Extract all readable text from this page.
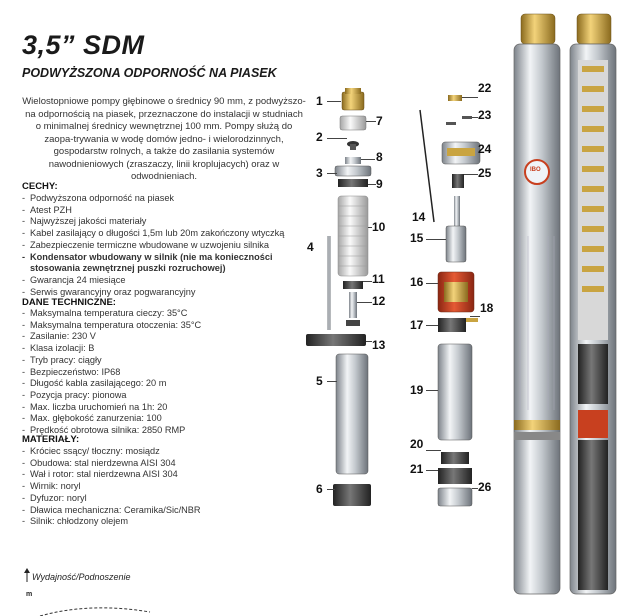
3,5” SDM
PODWYŻSZONA ODPORNOŚĆ NA PIASEK
Wielostopniowe pompy głębinowe o średnicy 90 mm, z podwyższo-na odpornością na piasek, przeznaczone do instalacji w studniach o minimalnej średnicy wewnętrznej 100 mm. Pompy służą do zaopa-trywania w wodę domów jedno- i wielorodzinnych, gospodarstw rolnych, a także do zasilania systemów nawodnieniowych (zraszaczy, linii kroplujacych) oraz w odwodnieniach.
CECHY:
- Podwyższona odporność na piasek
- Atest PZH
- Najwyższej jakości materiały
- Kabel zasilający o długości 1,5m lub 20m zakończony wtyczką
- Zabezpieczenie termiczne wbudowane w uzwojeniu silnika
- Kondensator wbudowany w silnik (nie ma konieczności stosowania zewnętrznej puszki rozruchowej)
- Gwarancja 24 miesiące
- Serwis gwarancyjny oraz pogwarancyjny
DANE TECHNICZNE:
- Maksymalna temperatura cieczy: 35°C
- Maksymalna temperatura otoczenia: 35°C
- Zasilanie: 230 V
- Klasa izolacji: B
- Tryb pracy: ciągły
- Bezpieczeństwo: IP68
- Długość kabla zasilającego: 20 m
- Pozycja pracy: pionowa
- Max. liczba uruchomień na 1h: 20
- Max. głębokość zanurzenia: 100
- Prędkość obrotowa silnika: 2850 RMP
MATERIAŁY:
- Króciec ssący/ tłoczny: mosiądz
- Obudowa: stal nierdzewna AISI 304
- Wał i rotor: stal nierdzewna AISI 304
- Wirnik: noryl
- Dyfuzor: noryl
- Dławica mechaniczna: Ceramika/Sic/NBR
- Silnik: chłodzony olejem
Wydajność/Podnoszenie
m
IBO
1
2
3
4
5
6
7
8
9
10
11
12
13
14
15
16
17
18
19
20
21
22
23
24
25
26
